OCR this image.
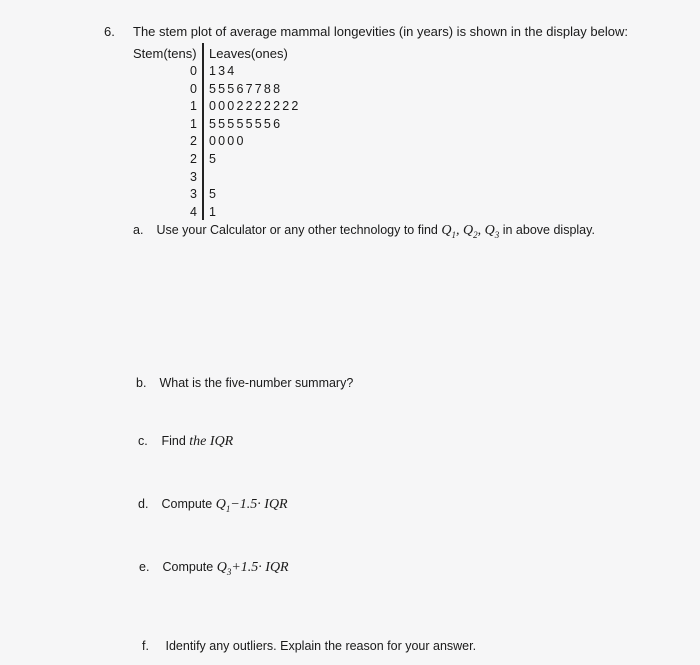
6. The stem plot of average mammal longevities (in years) is shown in the display below:
Stem(tens) Leaves(ones)
0 134
0 55567788
1 0002222222
1 55555556
2 0000
2 5
3
3 5
4 1
a. Use your Calculator or any other technology to find $Q_1$, $Q_2$, $Q_3$ in above display.
b. What is the five-number summary?
c. Find the IQR
d. Compute $Q_1-1.5\cdot$ IQR
e. Compute $Q_3+1.5\cdot$ IQR
f. Identify any outliers. Explain the reason for your answer.
